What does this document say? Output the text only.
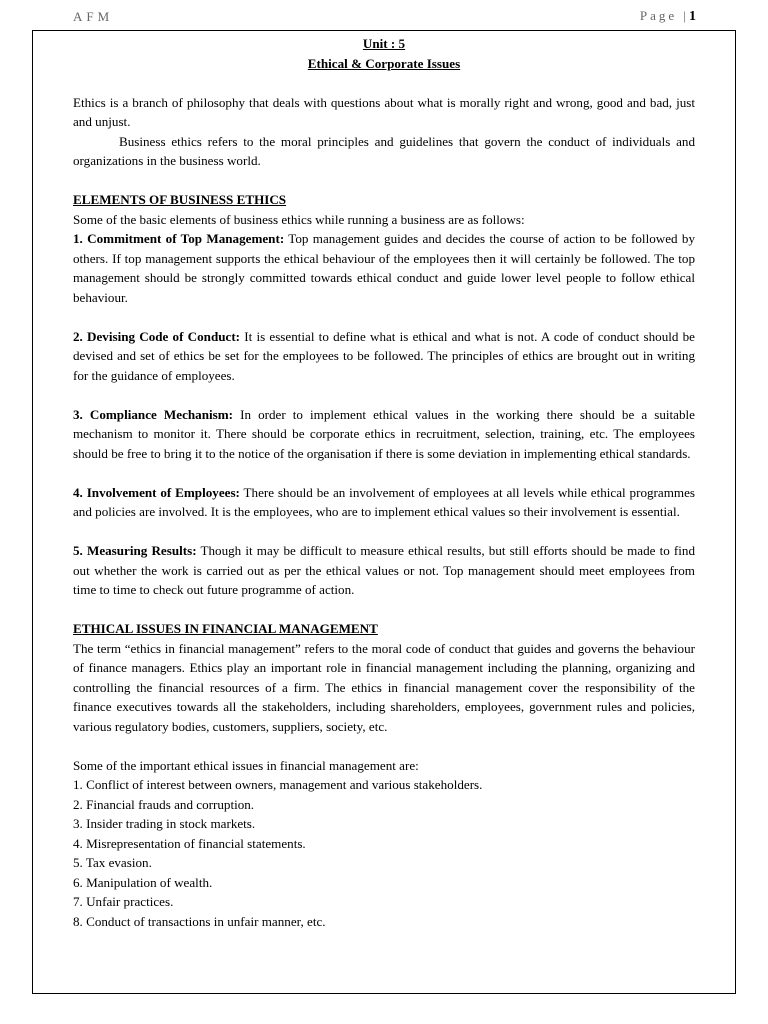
AFM	Page |1
Unit : 5
Ethical & Corporate Issues

Ethics is a branch of philosophy that deals with questions about what is morally right and wrong, good and bad, just and unjust.

Business ethics refers to the moral principles and guidelines that govern the conduct of individuals and organizations in the business world.

ELEMENTS OF BUSINESS ETHICS

Some of the basic elements of business ethics while running a business are as follows:

1. Commitment of Top Management: Top management guides and decides the course of action to be followed by others. If top management supports the ethical behaviour of the employees then it will certainly be followed. The top management should be strongly committed towards ethical conduct and guide lower level people to follow ethical behaviour.

2. Devising Code of Conduct: It is essential to define what is ethical and what is not. A code of conduct should be devised and set of ethics be set for the employees to be followed. The principles of ethics are brought out in writing for the guidance of employees.

3. Compliance Mechanism: In order to implement ethical values in the working there should be a suitable mechanism to monitor it. There should be corporate ethics in recruitment, selection, training, etc. The employees should be free to bring it to the notice of the organisation if there is some deviation in implementing ethical standards.

4. Involvement of Employees: There should be an involvement of employees at all levels while ethical programmes and policies are involved. It is the employees, who are to implement ethical values so their involvement is essential.

5. Measuring Results: Though it may be difficult to measure ethical results, but still efforts should be made to find out whether the work is carried out as per the ethical values or not. Top management should meet employees from time to time to check out future programme of action.

ETHICAL ISSUES IN FINANCIAL MANAGEMENT

The term “ethics in financial management” refers to the moral code of conduct that guides and governs the behaviour of finance managers. Ethics play an important role in financial management including the planning, organizing and controlling the financial resources of a firm. The ethics in financial management cover the responsibility of the finance executives towards all the stakeholders, including shareholders, employees, government rules and policies, various regulatory bodies, customers, suppliers, society, etc.

Some of the important ethical issues in financial management are:

1. Conflict of interest between owners, management and various stakeholders.
2. Financial frauds and corruption.
3. Insider trading in stock markets.
4. Misrepresentation of financial statements.
5. Tax evasion.
6. Manipulation of wealth.
7. Unfair practices.
8. Conduct of transactions in unfair manner, etc.
